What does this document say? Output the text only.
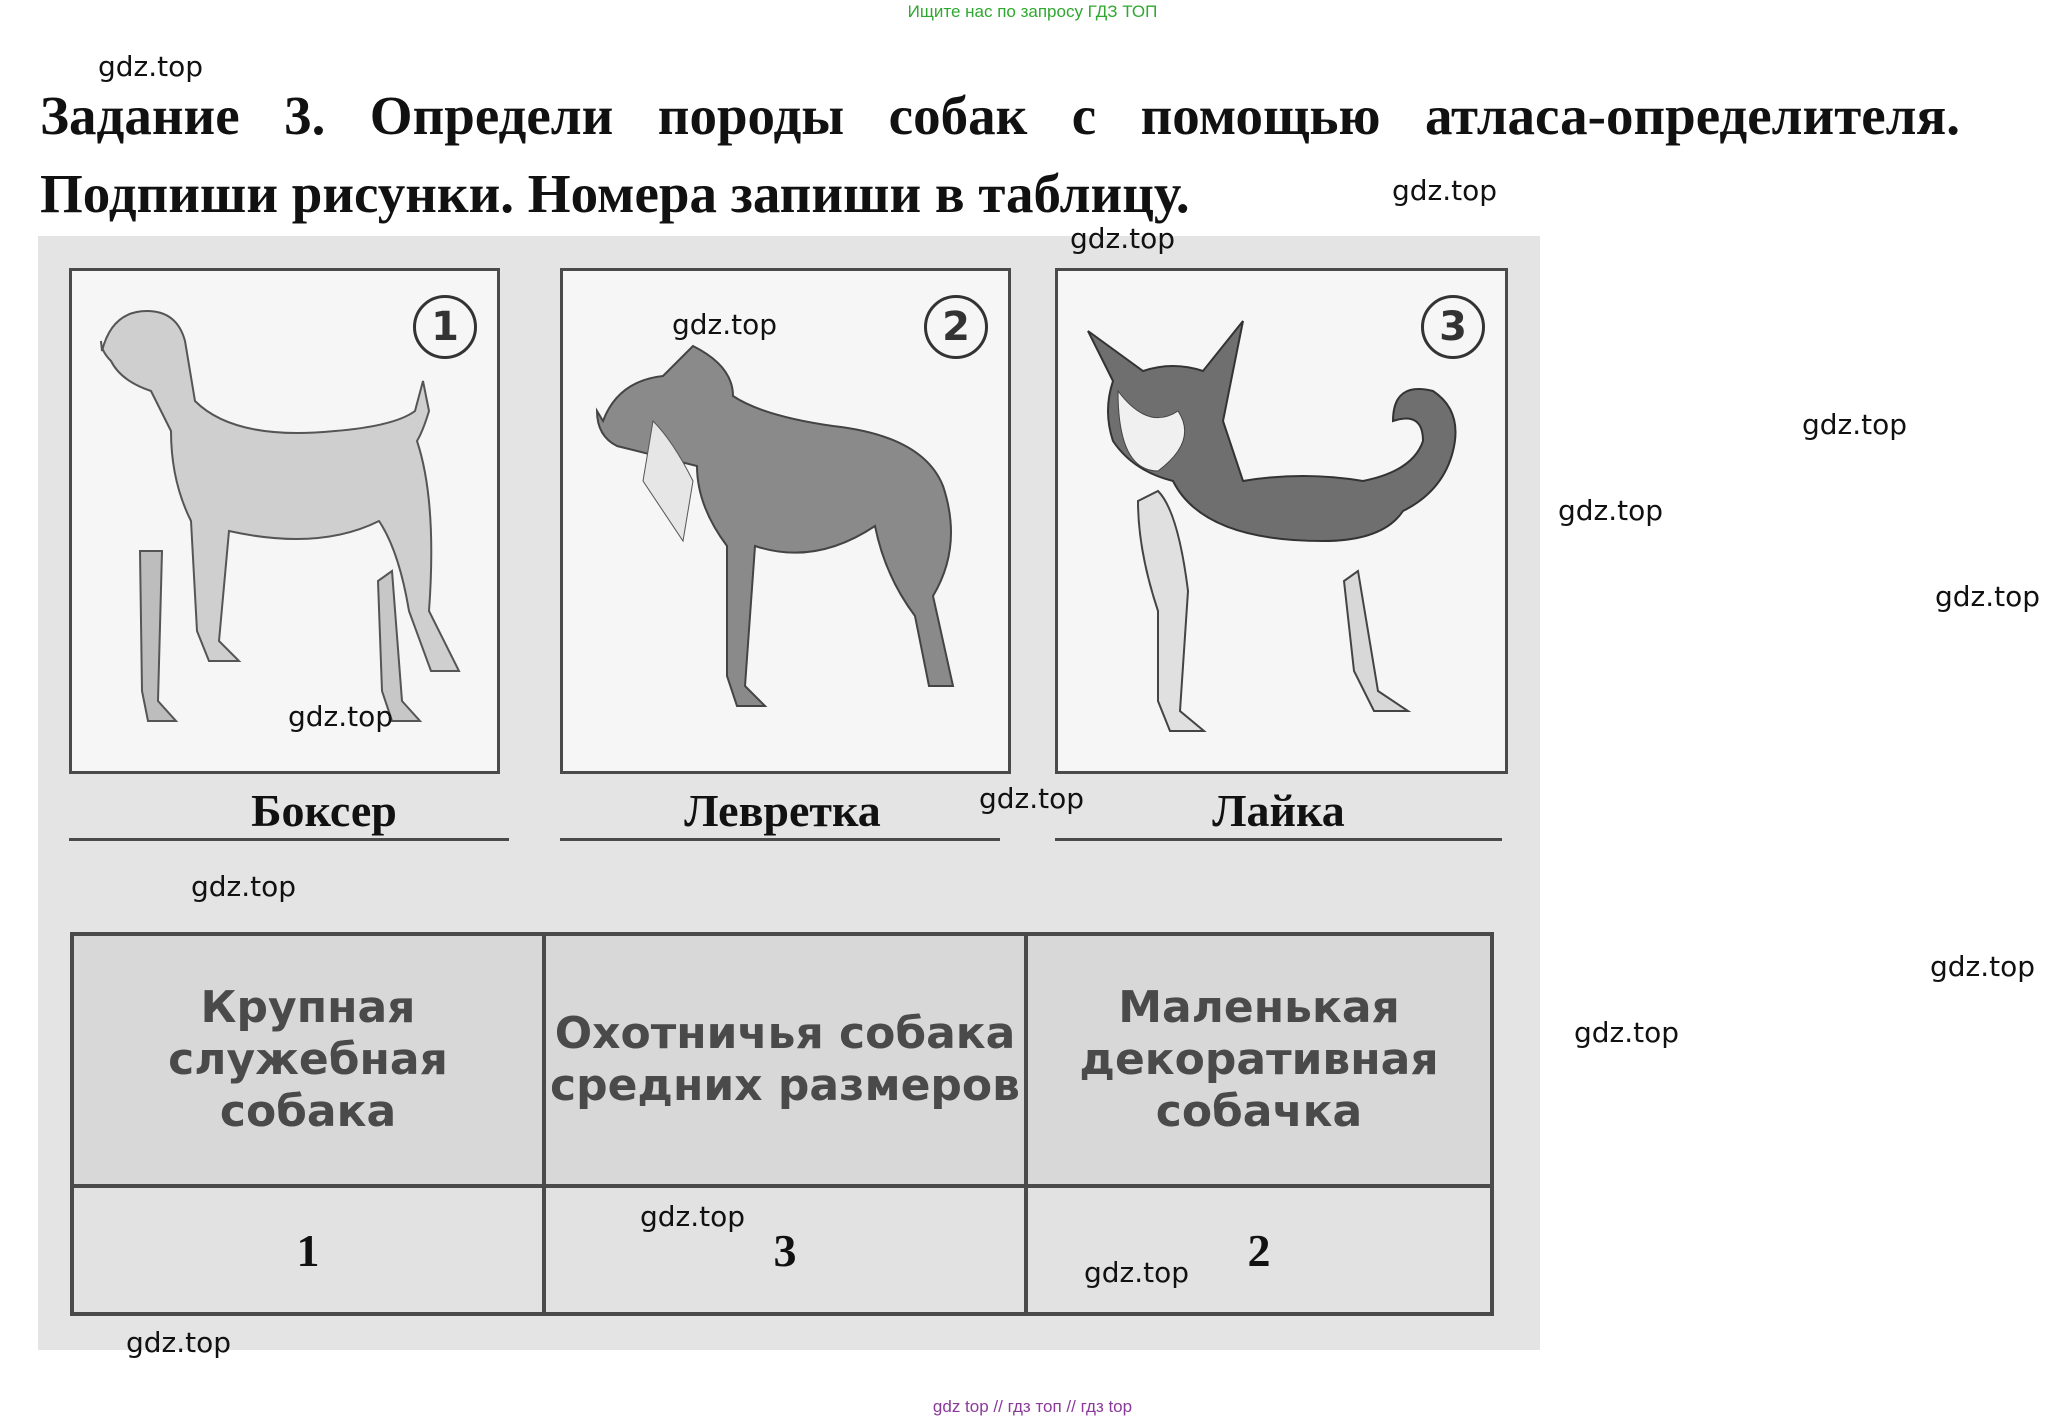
Ищите нас по запросу ГДЗ ТОП
Задание 3. Определи породы собак с помощью атласа-определителя.
Подпиши рисунки. Номера запиши в таблицу.
1	2	3
Боксер	Левретка	Лайка
Крупная служебная собака	Охотничья собака средних размеров	Маленькая декоративная собачка
1	3	2
gdz.top
gdz.top
gdz.top
gdz.top
gdz.top
gdz.top
gdz.top
gdz.top
gdz.top
gdz.top
gdz.top
gdz.top
gdz.top
gdz.top
gdz.top
gdz top // гдз топ // гдз top
